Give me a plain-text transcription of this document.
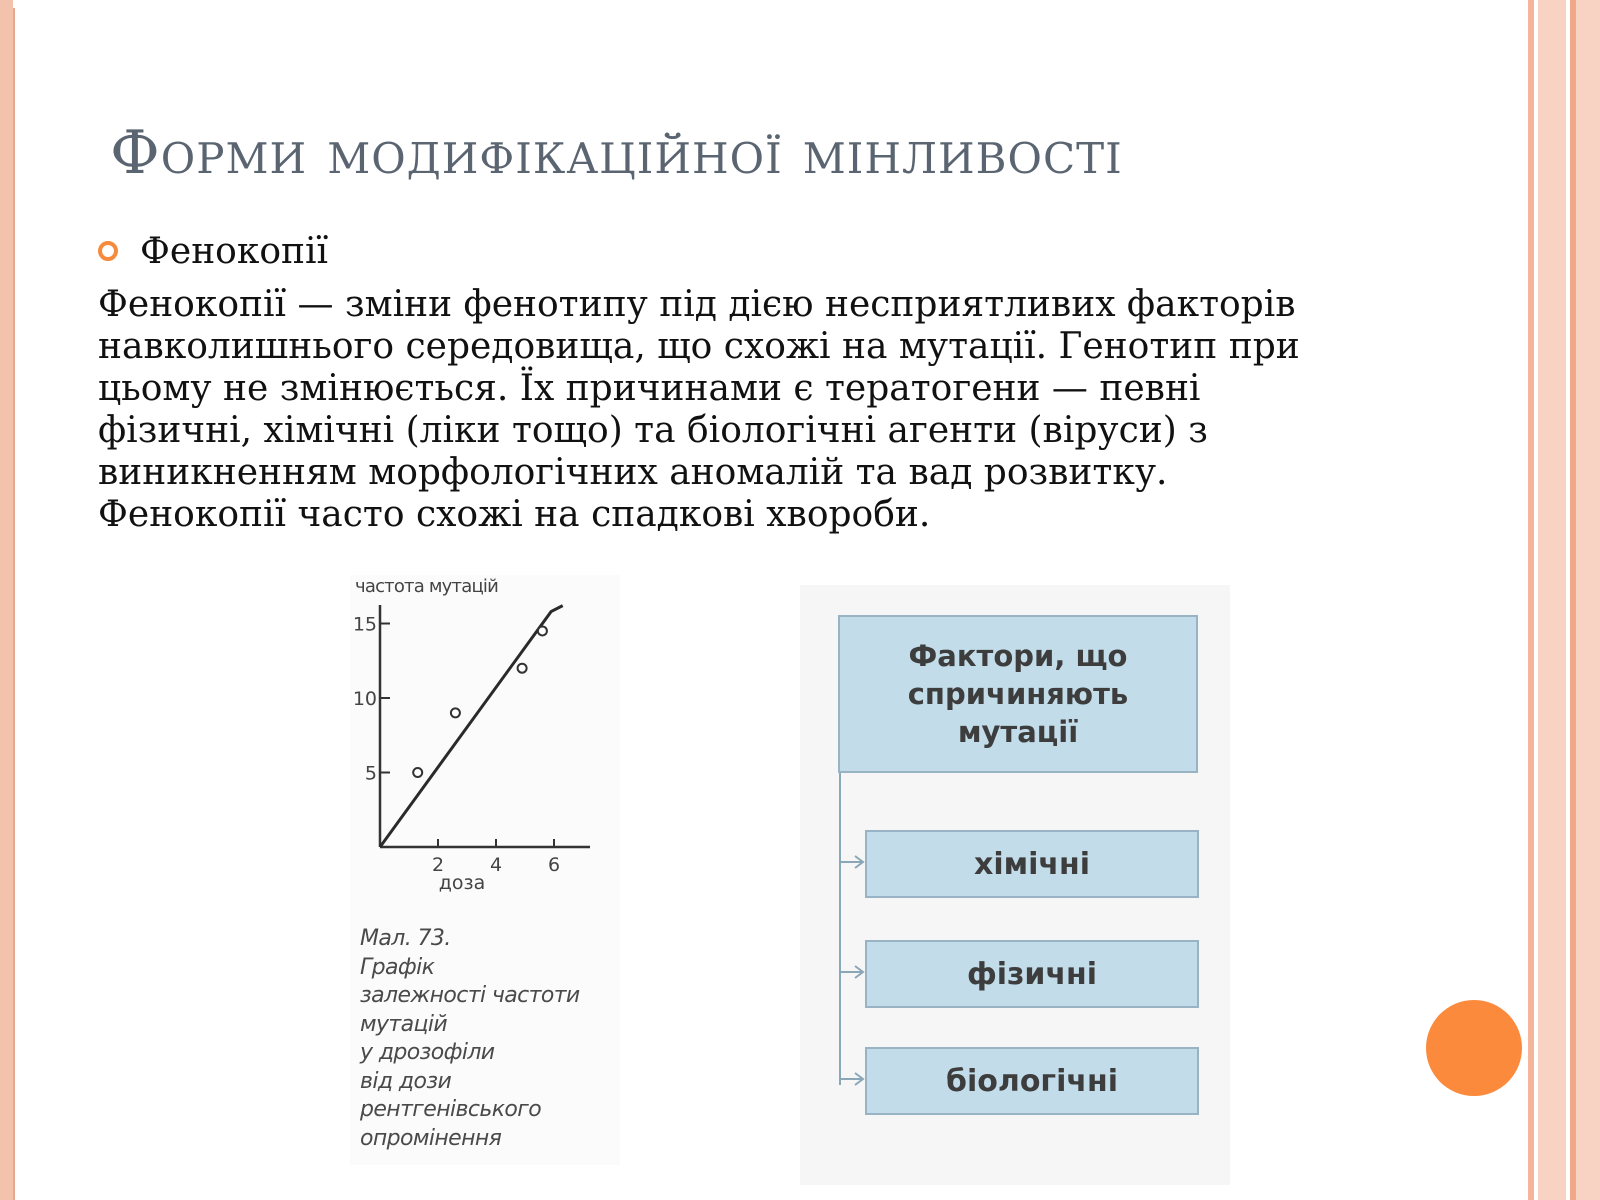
Форми модифікаційної мінливості
Фенокопії

Фенокопії — зміни фенотипу під дією несприятливих факторів
навколишнього середовища, що схожі на мутації. Генотип при
цьому не змінюється. Їх причинами є тератогени — певні
фізичні, хімічні (ліки тощо) та біологічні агенти (віруси) з
виникненням морфологічних аномалій та вад розвитку.
Фенокопії часто схожі на спадкові хвороби.

частота мутацій
5
10
15
2 4 6
доза

Мал. 73.
Графік
залежності частоти
мутацій
у дрозофіли
від дози
рентгенівського
опромінення

Фактори, що
спричиняють
мутації
хімічні
фізичні
біологічні
